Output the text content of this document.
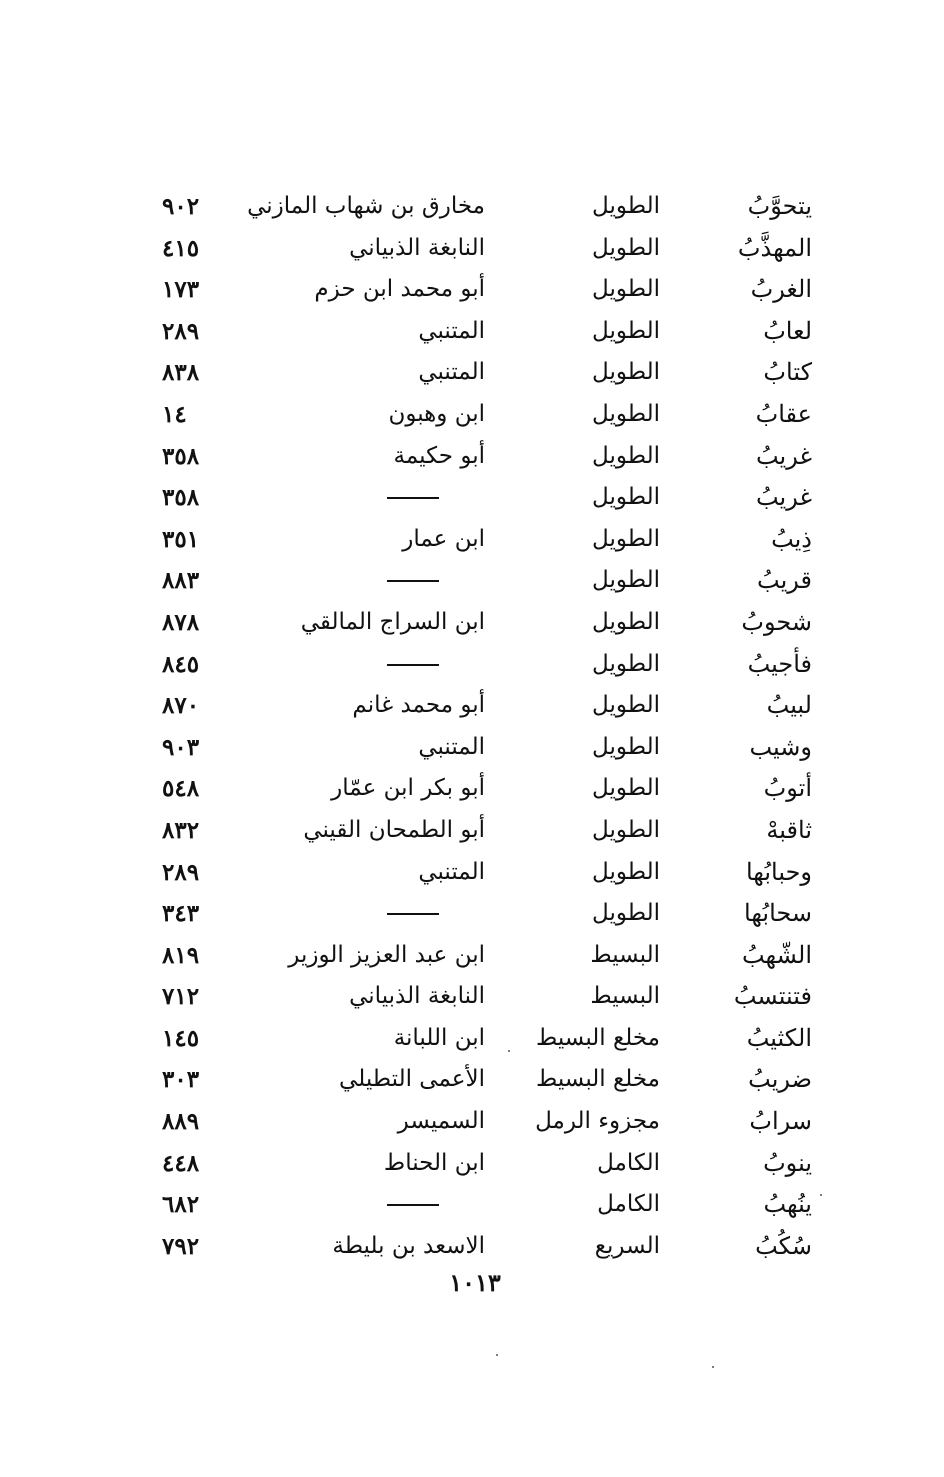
يتحوَّبُ
الطويل
مخارق بن شهاب المازني
٩٠٢
المهذَّبُ
الطويل
النابغة الذبياني
٤١٥
الغربُ
الطويل
أبو محمد ابن حزم
١٧٣
لعابُ
الطويل
المتنبي
٢٨٩
كتابُ
الطويل
المتنبي
٨٣٨
عقابُ
الطويل
ابن وهبون
١٤
غريبُ
الطويل
أبو حكيمة
٣٥٨
غريبُ
الطويل
٣٥٨
ذِيبُ
الطويل
ابن عمار
٣٥١
قريبُ
الطويل
٨٨٣
شحوبُ
الطويل
ابن السراج المالقي
٨٧٨
فأجيبُ
الطويل
٨٤٥
لبيبُ
الطويل
أبو محمد غانم
٨٧٠
وشيب
الطويل
المتنبي
٩٠٣
أتوبُ
الطويل
أبو بكر ابن عمّار
٥٤٨
ثاقبهْ
الطويل
أبو الطمحان القيني
٨٣٢
وحبابُها
الطويل
المتنبي
٢٨٩
سحابُها
الطويل
٣٤٣
الشّهبُ
البسيط
ابن عبد العزيز الوزير
٨١٩
فتنتسبُ
البسيط
النابغة الذبياني
٧١٢
الكثيبُ
مخلع البسيط
ابن اللبانة
١٤٥
ضريبُ
مخلع البسيط
الأعمى التطيلي
٣٠٣
سرابُ
مجزوء الرمل
السميسر
٨٨٩
ينوبُ
الكامل
ابن الحناط
٤٤٨
ينُهبُ
الكامل
٦٨٢
سُكُبُ
السريع
الاسعد بن بليطة
٧٩٢
١٠١٣
